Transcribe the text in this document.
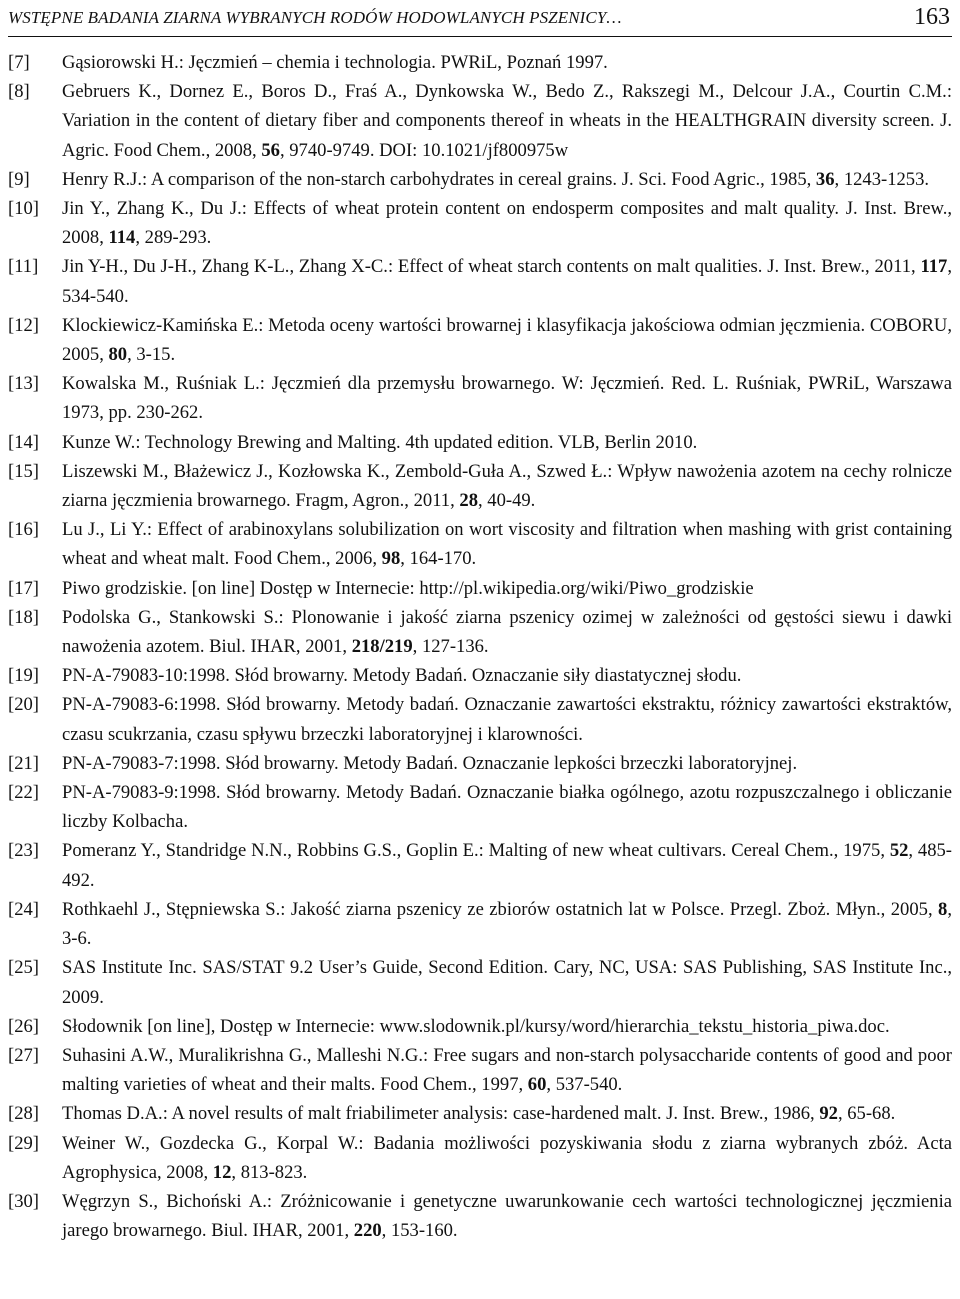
WSTĘPNE BADANIA ZIARNA WYBRANYCH RODÓW HODOWLANYCH PSZENICY…	163
[7] Gąsiorowski H.: Jęczmień – chemia i technologia. PWRiL, Poznań 1997.
[8] Gebruers K., Dornez E., Boros D., Fraś A., Dynkowska W., Bedo Z., Rakszegi M., Delcour J.A., Courtin C.M.: Variation in the content of dietary fiber and components thereof in wheats in the HEALTHGRAIN diversity screen. J. Agric. Food Chem., 2008, 56, 9740-9749. DOI: 10.1021/jf800975w
[9] Henry R.J.: A comparison of the non-starch carbohydrates in cereal grains. J. Sci. Food Agric., 1985, 36, 1243-1253.
[10] Jin Y., Zhang K., Du J.: Effects of wheat protein content on endosperm composites and malt quality. J. Inst. Brew., 2008, 114, 289-293.
[11] Jin Y-H., Du J-H., Zhang K-L., Zhang X-C.: Effect of wheat starch contents on malt qualities. J. Inst. Brew., 2011, 117, 534-540.
[12] Klockiewicz-Kamińska E.: Metoda oceny wartości browarnej i klasyfikacja jakościowa odmian jęczmienia. COBORU, 2005, 80, 3-15.
[13] Kowalska M., Ruśniak L.: Jęczmień dla przemysłu browarnego. W: Jęczmień. Red. L. Ruśniak, PWRiL, Warszawa 1973, pp. 230-262.
[14] Kunze W.: Technology Brewing and Malting. 4th updated edition. VLB, Berlin 2010.
[15] Liszewski M., Błażewicz J., Kozłowska K., Zembold-Guła A., Szwed Ł.: Wpływ nawożenia azotem na cechy rolnicze ziarna jęczmienia browarnego. Fragm, Agron., 2011, 28, 40-49.
[16] Lu J., Li Y.: Effect of arabinoxylans solubilization on wort viscosity and filtration when mashing with grist containing wheat and wheat malt. Food Chem., 2006, 98, 164-170.
[17] Piwo grodziskie. [on line] Dostęp w Internecie: http://pl.wikipedia.org/wiki/Piwo_grodziskie
[18] Podolska G., Stankowski S.: Plonowanie i jakość ziarna pszenicy ozimej w zależności od gęstości siewu i dawki nawożenia azotem. Biul. IHAR, 2001, 218/219, 127-136.
[19] PN-A-79083-10:1998. Słód browarny. Metody Badań. Oznaczanie siły diastatycznej słodu.
[20] PN-A-79083-6:1998. Słód browarny. Metody badań. Oznaczanie zawartości ekstraktu, różnicy zawartości ekstraktów, czasu scukrzania, czasu spływu brzeczki laboratoryjnej i klarowności.
[21] PN-A-79083-7:1998. Słód browarny. Metody Badań. Oznaczanie lepkości brzeczki laboratoryjnej.
[22] PN-A-79083-9:1998. Słód browarny. Metody Badań. Oznaczanie białka ogólnego, azotu rozpuszczalnego i obliczanie liczby Kolbacha.
[23] Pomeranz Y., Standridge N.N., Robbins G.S., Goplin E.: Malting of new wheat cultivars. Cereal Chem., 1975, 52, 485-492.
[24] Rothkaehl J., Stępniewska S.: Jakość ziarna pszenicy ze zbiorów ostatnich lat w Polsce. Przegl. Zboż. Młyn., 2005, 8, 3-6.
[25] SAS Institute Inc. SAS/STAT 9.2 User’s Guide, Second Edition. Cary, NC, USA: SAS Publishing, SAS Institute Inc., 2009.
[26] Słodownik [on line], Dostęp w Internecie: www.slodownik.pl/kursy/word/hierarchia_tekstu_historia_piwa.doc.
[27] Suhasini A.W., Muralikrishna G., Malleshi N.G.: Free sugars and non-starch polysaccharide contents of good and poor malting varieties of wheat and their malts. Food Chem., 1997, 60, 537-540.
[28] Thomas D.A.: A novel results of malt friabilimeter analysis: case-hardened malt. J. Inst. Brew., 1986, 92, 65-68.
[29] Weiner W., Gozdecka G., Korpal W.: Badania możliwości pozyskiwania słodu z ziarna wybranych zbóż. Acta Agrophysica, 2008, 12, 813-823.
[30] Węgrzyn S., Bichoński A.: Zróżnicowanie i genetyczne uwarunkowanie cech wartości technologicznej jęczmienia jarego browarnego. Biul. IHAR, 2001, 220, 153-160.
